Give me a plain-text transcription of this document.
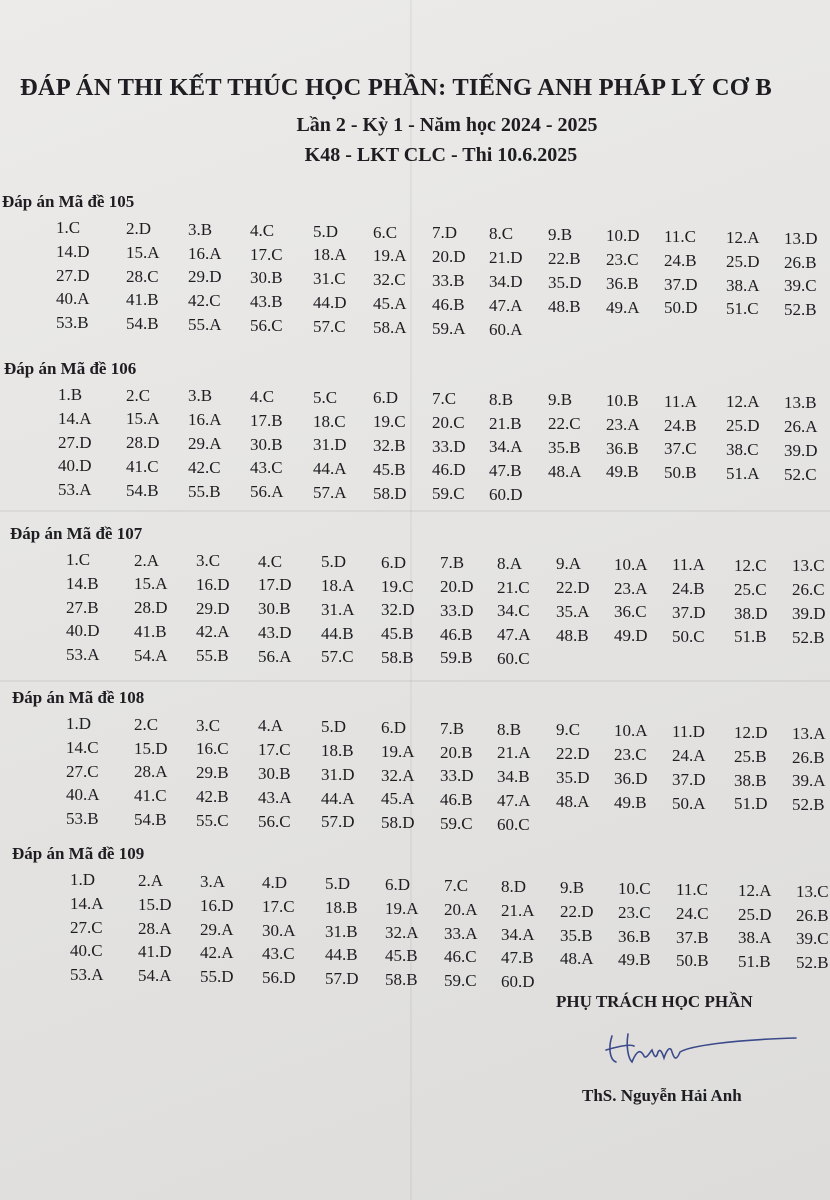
ĐÁP ÁN THI KẾT THÚC HỌC PHẦN: TIẾNG ANH PHÁP LÝ CƠ B
Lần 2 - Kỳ 1 - Năm học 2024 - 2025
K48 - LKT CLC - Thi 10.6.2025
Đáp án Mã đề 105
1.C	2.D 3.B 4.C 5.D 6.C 7.D 8.C 9.B 10.D 11.C 12.A 13.D
14.D 15.A 16.A 17.C 18.A 19.A 20.D 21.D 22.B 23.C 24.B 25.D 26.B
27.D 28.C 29.D 30.B 31.C 32.C 33.B 34.D 35.D 36.B 37.D 38.A 39.C
40.A 41.B 42.C 43.B 44.D 45.A 46.B 47.A 48.B 49.A 50.D 51.C 52.B
53.B 54.B 55.A 56.C 57.C 58.A 59.A 60.A
Đáp án Mã đề 106
1.B	2.C 3.B 4.C 5.C 6.D 7.C 8.B 9.B 10.B 11.A 12.A 13.B
14.A 15.A 16.A 17.B 18.C 19.C 20.C 21.B 22.C 23.A 24.B 25.D 26.A
27.D 28.D 29.A 30.B 31.D 32.B 33.D 34.A 35.B 36.B 37.C 38.C 39.D
40.D 41.C 42.C 43.C 44.A 45.B 46.D 47.B 48.A 49.B 50.B 51.A 52.C
53.A 54.B 55.B 56.A 57.A 58.D 59.C 60.D
Đáp án Mã đề 107
1.C	2.A 3.C 4.C 5.D 6.D 7.B 8.A 9.A 10.A 11.A 12.C 13.C
14.B 15.A 16.D 17.D 18.A 19.C 20.D 21.C 22.D 23.A 24.B 25.C 26.C
27.B 28.D 29.D 30.B 31.A 32.D 33.D 34.C 35.A 36.C 37.D 38.D 39.D
40.D 41.B 42.A 43.D 44.B 45.B 46.B 47.A 48.B 49.D 50.C 51.B 52.B
53.A 54.A 55.B 56.A 57.C 58.B 59.B 60.C
Đáp án Mã đề 108
1.D	2.C 3.C 4.A 5.D 6.D 7.B 8.B 9.C 10.A 11.D 12.D 13.A
14.C 15.D 16.C 17.C 18.B 19.A 20.B 21.A 22.D 23.C 24.A 25.B 26.B
27.C 28.A 29.B 30.B 31.D 32.A 33.D 34.B 35.D 36.D 37.D 38.B 39.A
40.A 41.C 42.B 43.A 44.A 45.A 46.B 47.A 48.A 49.B 50.A 51.D 52.B
53.B 54.B 55.C 56.C 57.D 58.D 59.C 60.C
Đáp án Mã đề 109
1.D	2.A 3.A 4.D 5.D 6.D 7.C 8.D 9.B 10.C 11.C 12.A 13.C
14.A 15.D 16.D 17.C 18.B 19.A 20.A 21.A 22.D 23.C 24.C 25.D 26.B
27.C 28.A 29.A 30.A 31.B 32.A 33.A 34.A 35.B 36.B 37.B 38.A 39.C
40.C 41.D 42.A 43.C 44.B 45.B 46.C 47.B 48.A 49.B 50.B 51.B 52.B
53.A 54.A 55.D 56.D 57.D 58.B 59.C 60.D
PHỤ TRÁCH HỌC PHẦN
ThS. Nguyễn Hải Anh
